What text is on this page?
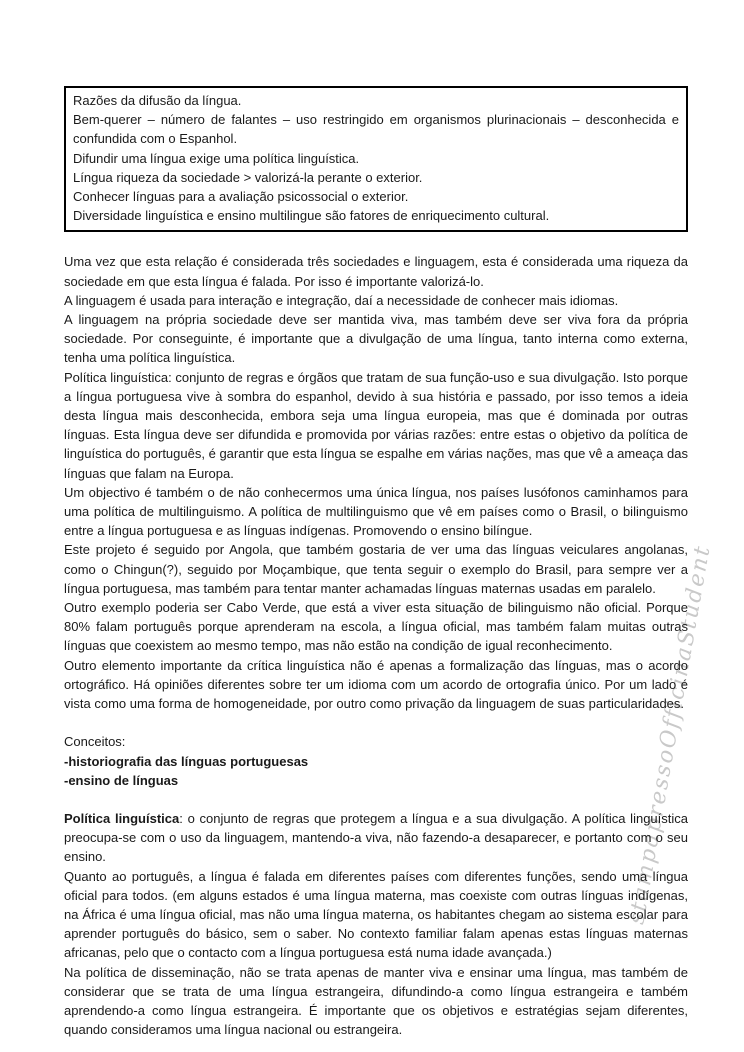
stampapressoOfficinaStudent
Razões da difusão da língua.
Bem-querer – número de falantes – uso restringido em organismos plurinacionais – desconhecida e confundida com o Espanhol.
Difundir uma língua exige uma política linguística.
Língua riqueza da sociedade > valorizá-la perante o exterior.
Conhecer línguas para a avaliação psicossocial o exterior.
Diversidade linguística e ensino multilingue são fatores de enriquecimento cultural.

Uma vez que esta relação é considerada três sociedades e linguagem, esta é considerada uma riqueza da sociedade em que esta língua é falada. Por isso é importante valorizá-lo.

A linguagem é usada para interação e integração, daí a necessidade de conhecer mais idiomas.

A linguagem na própria sociedade deve ser mantida viva, mas também deve ser viva fora da própria sociedade. Por conseguinte, é importante que a divulgação de uma língua, tanto interna como externa, tenha uma política linguística.

Política linguística: conjunto de regras e órgãos que tratam de sua função-uso e sua divulgação. Isto porque a língua portuguesa vive à sombra do espanhol, devido à sua história e passado, por isso temos a ideia desta língua mais desconhecida, embora seja uma língua europeia, mas que é dominada por outras línguas. Esta língua deve ser difundida e promovida por várias razões: entre estas o objetivo da política de linguística do português, é garantir que esta língua se espalhe em várias nações, mas que vê a ameaça das línguas que falam na Europa.

Um objectivo é também o de não conhecermos uma única língua, nos países lusófonos caminhamos para uma política de multilinguismo. A política de multilinguismo que vê em países como o Brasil, o bilinguismo entre a língua portuguesa e as línguas indígenas. Promovendo o ensino bilíngue.

Este projeto é seguido por Angola, que também gostaria de ver uma das línguas veiculares angolanas, como o Chingun(?), seguido por Moçambique, que tenta seguir o exemplo do Brasil, para sempre ver a língua portuguesa, mas também para tentar manter achamadas línguas maternas usadas em paralelo.

Outro exemplo poderia ser Cabo Verde, que está a viver esta situação de bilinguismo não oficial. Porque 80% falam português porque aprenderam na escola, a língua oficial, mas também falam muitas outras línguas que coexistem ao mesmo tempo, mas não estão na condição de igual reconhecimento.

Outro elemento importante da crítica linguística não é apenas a formalização das línguas, mas o acordo ortográfico. Há opiniões diferentes sobre ter um idioma com um acordo de ortografia único. Por um lado é vista como uma forma de homogeneidade, por outro como privação da linguagem de suas particularidades.

Conceitos:

-historiografia das línguas portuguesas

-ensino de línguas

Política linguística: o conjunto de regras que protegem a língua e a sua divulgação. A política linguística preocupa-se com o uso da linguagem, mantendo-a viva, não fazendo-a desaparecer, e portanto com o seu ensino.

Quanto ao português, a língua é falada em diferentes países com diferentes funções, sendo uma língua oficial para todos. (em alguns estados é uma língua materna, mas coexiste com outras línguas indígenas, na África é uma língua oficial, mas não uma língua materna, os habitantes chegam ao sistema escolar para aprender português do básico, sem o saber. No contexto familiar falam apenas estas línguas maternas africanas, pelo que o contacto com a língua portuguesa está numa idade avançada.)

Na política de disseminação, não se trata apenas de manter viva e ensinar uma língua, mas também de considerar que se trata de uma língua estrangeira, difundindo-a como língua estrangeira e também aprendendo-a como língua estrangeira. É importante que os objetivos e estratégias sejam diferentes, quando consideramos uma língua nacional ou estrangeira.
